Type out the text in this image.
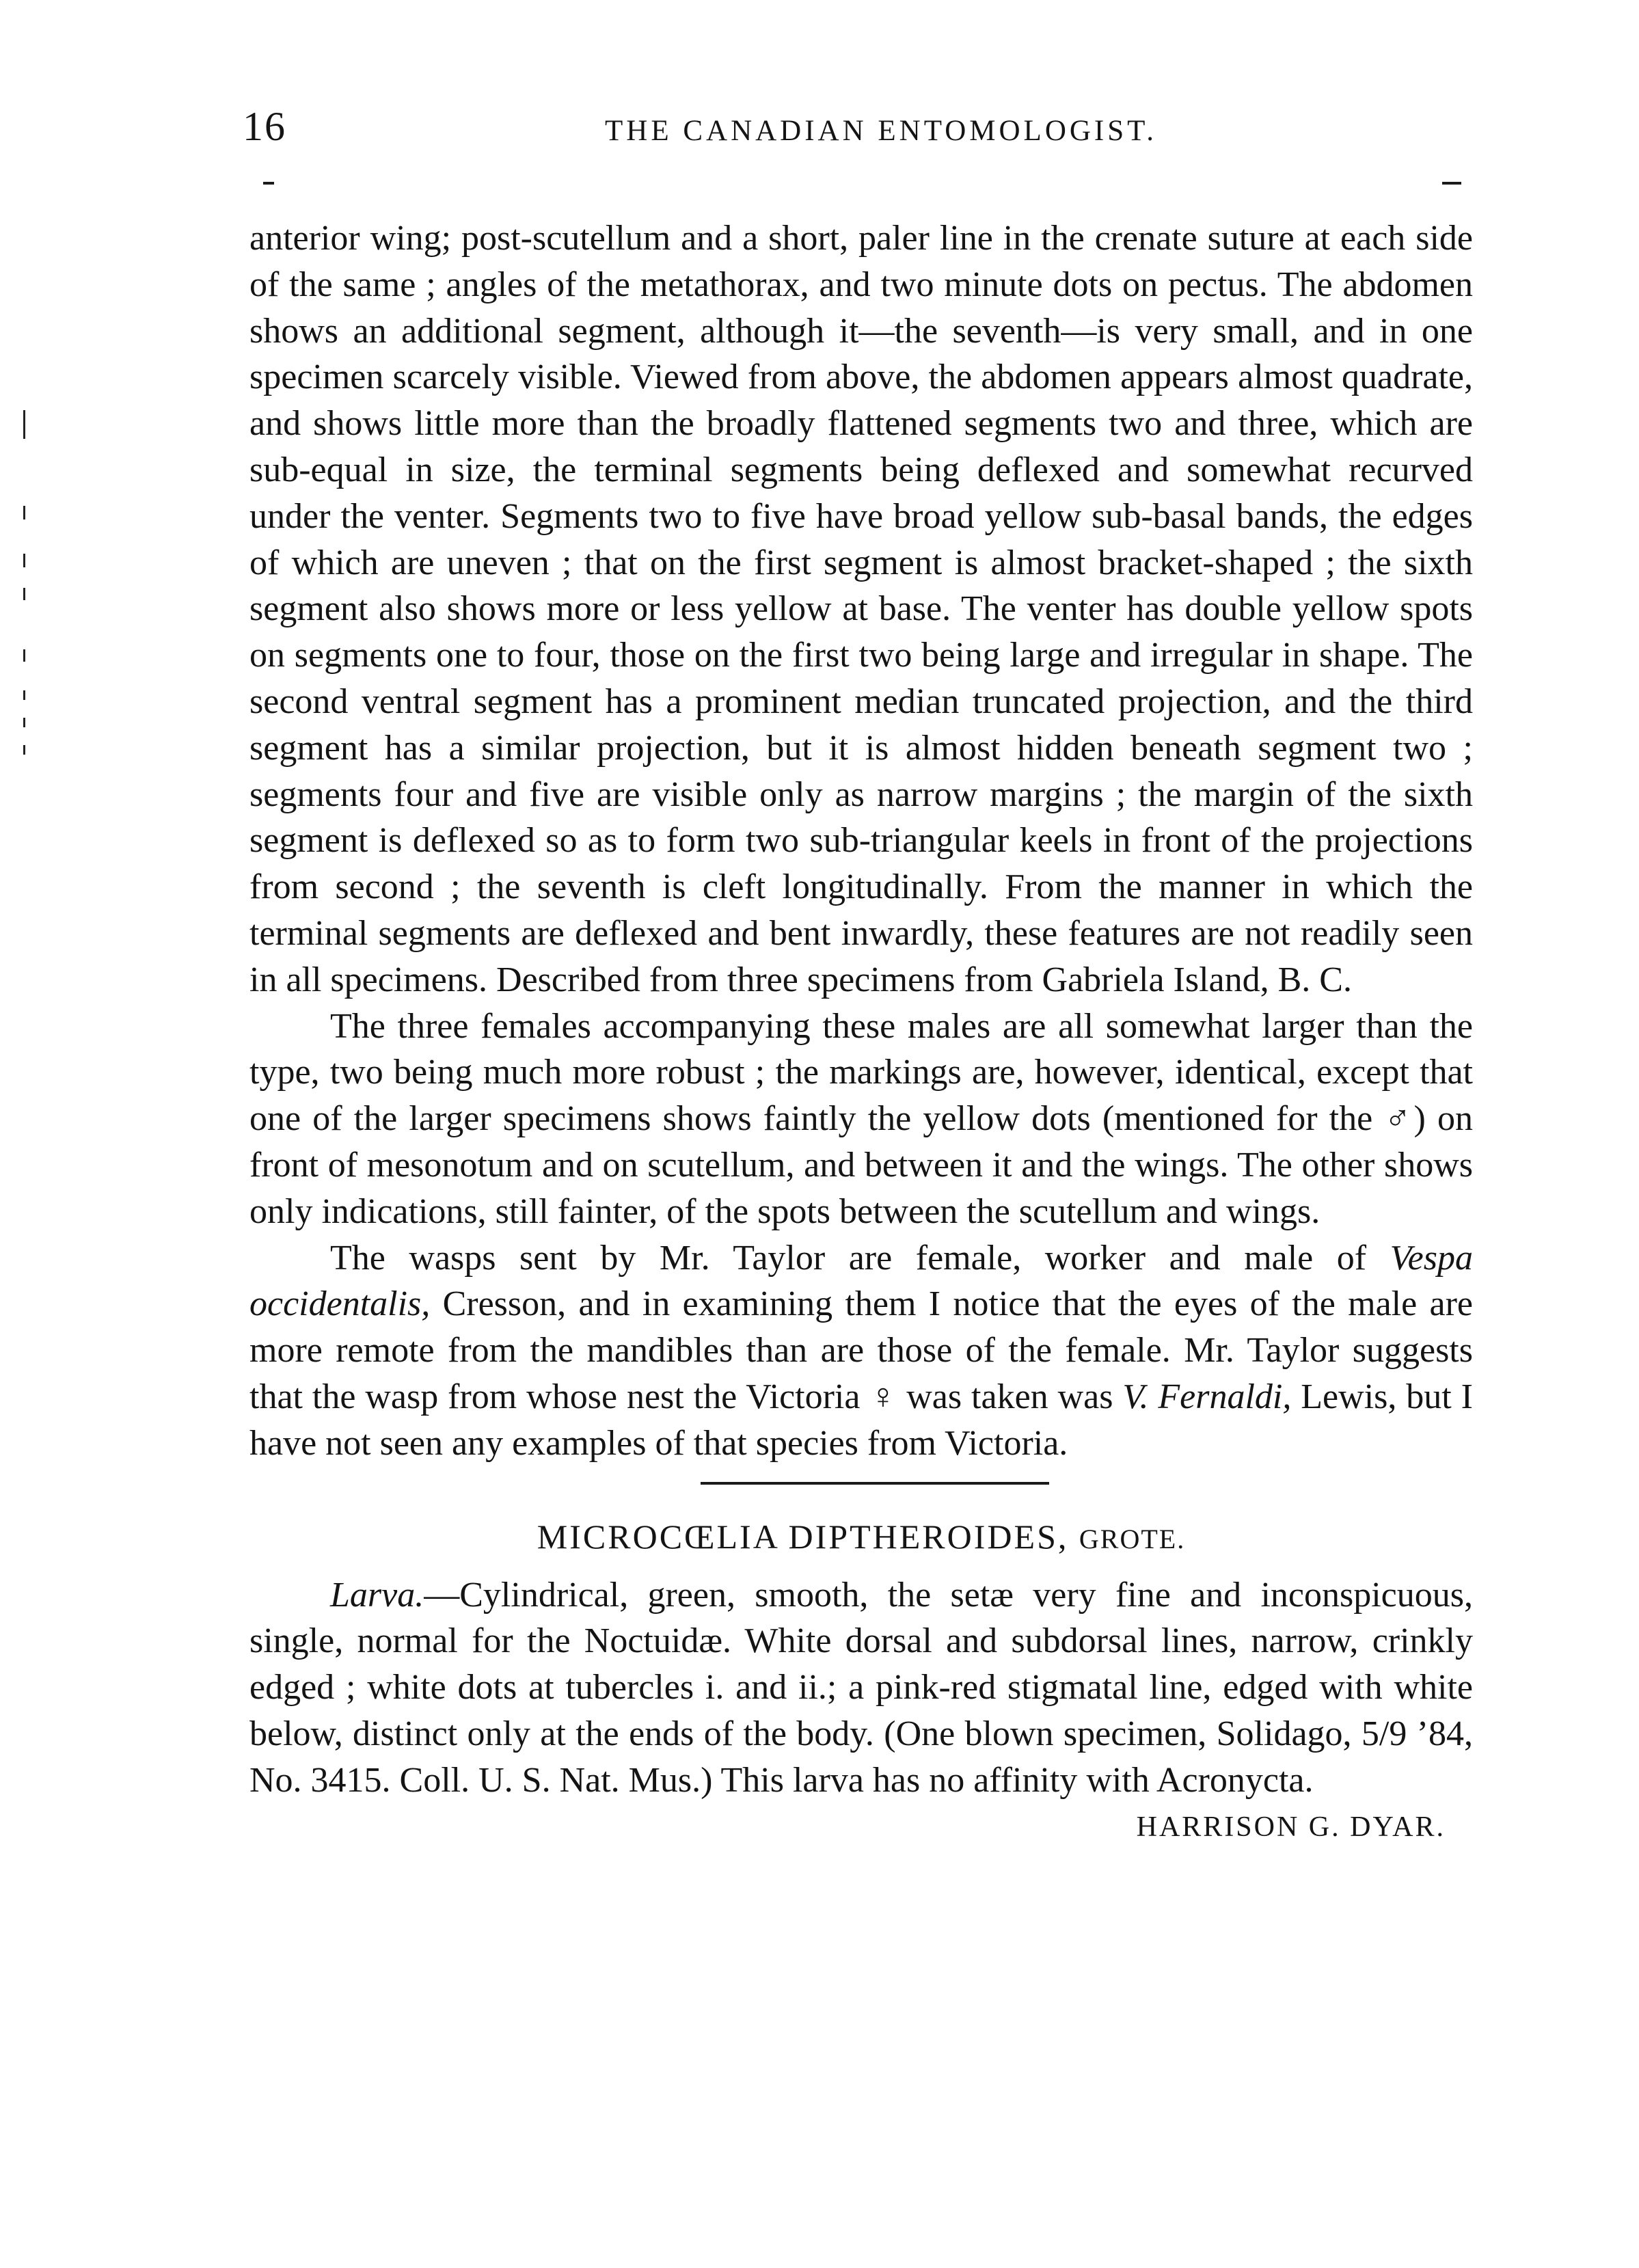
16	THE CANADIAN ENTOMOLOGIST.

anterior wing; post-scutellum and a short, paler line in the crenate suture at each side of the same ; angles of the metathorax, and two minute dots on pectus. The abdomen shows an additional segment, although it—the seventh—is very small, and in one specimen scarcely visible. Viewed from above, the abdomen appears almost quadrate, and shows little more than the broadly flattened segments two and three, which are sub-equal in size, the terminal segments being deflexed and somewhat recurved under the venter. Segments two to five have broad yellow sub-basal bands, the edges of which are uneven ; that on the first segment is almost bracket-shaped ; the sixth segment also shows more or less yellow at base. The venter has double yellow spots on segments one to four, those on the first two being large and irregular in shape. The second ventral segment has a prominent median truncated projection, and the third segment has a similar projection, but it is almost hidden beneath segment two ; segments four and five are visible only as narrow margins ; the margin of the sixth segment is deflexed so as to form two sub-triangular keels in front of the projections from second ; the seventh is cleft longitudinally. From the manner in which the terminal segments are deflexed and bent inwardly, these features are not readily seen in all specimens. Described from three specimens from Gabriela Island, B. C.

The three females accompanying these males are all somewhat larger than the type, two being much more robust ; the markings are, however, identical, except that one of the larger specimens shows faintly the yellow dots (mentioned for the ♂) on front of mesonotum and on scutellum, and between it and the wings. The other shows only indications, still fainter, of the spots between the scutellum and wings.

The wasps sent by Mr. Taylor are female, worker and male of Vespa occidentalis, Cresson, and in examining them I notice that the eyes of the male are more remote from the mandibles than are those of the female. Mr. Taylor suggests that the wasp from whose nest the Victoria ♀ was taken was V. Fernaldi, Lewis, but I have not seen any examples of that species from Victoria.

MICROCŒLIA DIPTHEROIDES, GROTE.

Larva.—Cylindrical, green, smooth, the setæ very fine and inconspicuous, single, normal for the Noctuidæ. White dorsal and subdorsal lines, narrow, crinkly edged ; white dots at tubercles i. and ii.; a pink-red stigmatal line, edged with white below, distinct only at the ends of the body. (One blown specimen, Solidago, 5/9 ’84, No. 3415. Coll. U. S. Nat. Mus.) This larva has no affinity with Acronycta.

HARRISON G. DYAR.
